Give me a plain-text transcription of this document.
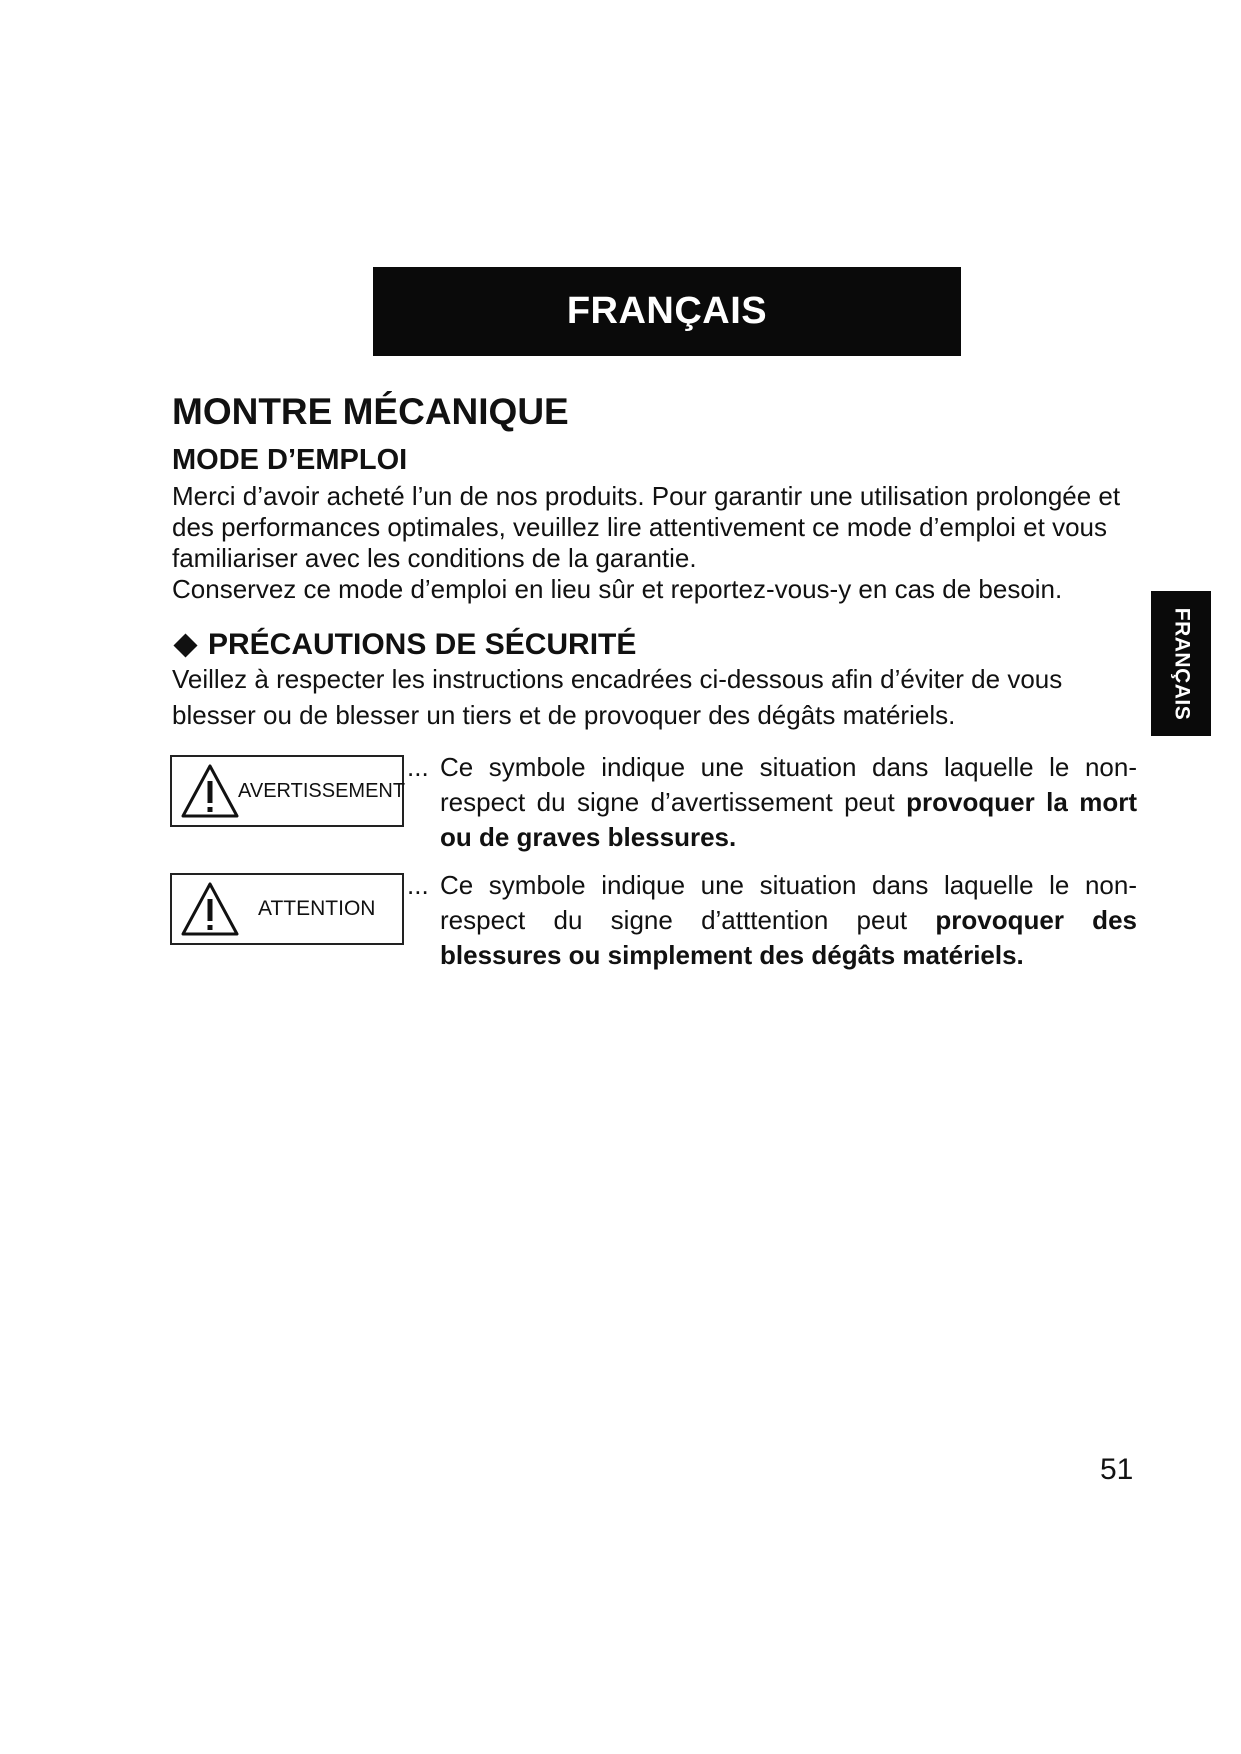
FRANÇAIS
FRANÇAIS
MONTRE MÉCANIQUE
MODE D’EMPLOI

Merci d’avoir acheté l’un de nos produits. Pour garantir une utilisation prolongée et des performances optimales, veuillez lire attentivement ce mode d’emploi et vous familiariser avec les conditions de la garantie.

Conservez ce mode d’emploi en lieu sûr et reportez-vous-y en cas de besoin.

PRÉCAUTIONS DE SÉCURITÉ

Veillez à respecter les instructions encadrées ci-dessous afin d’éviter de vous blesser ou de blesser un tiers et de provoquer des dégâts matériels.

AVERTISSEMENT
... Ce symbole indique une situation dans laquelle le non-respect du signe d’avertissement peut provoquer la mort ou de graves blessures.

ATTENTION
... Ce symbole indique une situation dans laquelle le non-respect du signe d’atttention peut provoquer des blessures ou simplement des dégâts matériels.

51
